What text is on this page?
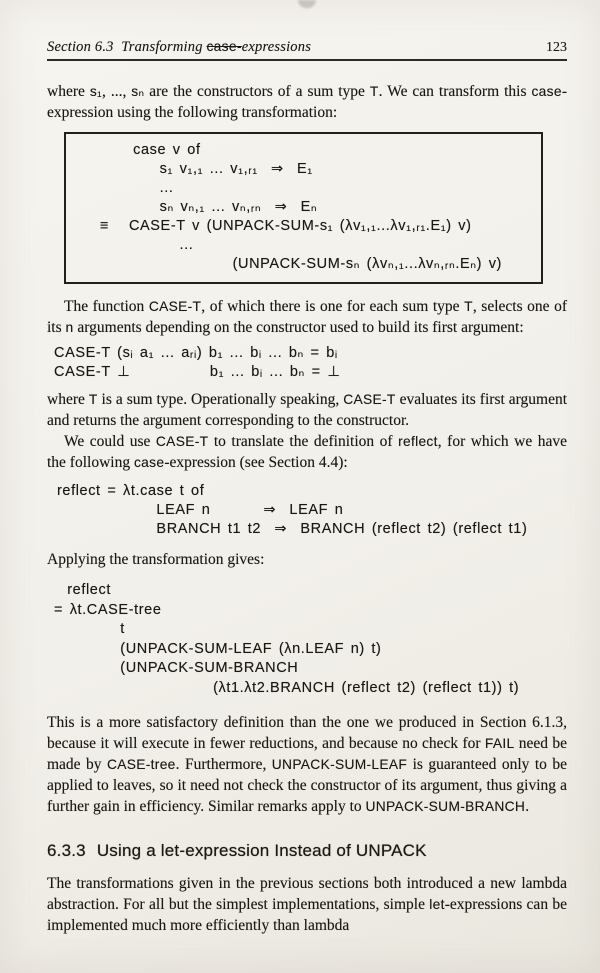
Section 6.3  Transforming case-expressions	123

where s₁, ..., sₙ are the constructors of a sum type T. We can transform this case-expression using the following transformation:

case v of
s₁ v₁,₁ ... v₁,ᵣ₁  ⇒  E₁
...
sₙ vₙ,₁ ... vₙ,ᵣₙ  ⇒  Eₙ
≡   CASE-T v (UNPACK-SUM-s₁ (λv₁,₁...λv₁,ᵣ₁.E₁) v)
...
(UNPACK-SUM-sₙ (λvₙ,₁...λvₙ,ᵣₙ.Eₙ) v)

The function CASE-T, of which there is one for each sum type T, selects one of its n arguments depending on the constructor used to build its first argument:

CASE-T (sᵢ a₁ ... aᵣᵢ) b₁ ... bᵢ ... bₙ = bᵢ
CASE-T ⊥            b₁ ... bᵢ ... bₙ = ⊥

where T is a sum type. Operationally speaking, CASE-T evaluates its first argument and returns the argument corresponding to the constructor.

We could use CASE-T to translate the definition of reflect, for which we have the following case-expression (see Section 4.4):

reflect = λt.case t of
LEAF n        ⇒  LEAF n
BRANCH t1 t2  ⇒  BRANCH (reflect t2) (reflect t1)

Applying the transformation gives:

reflect
= λt.CASE-tree
t
(UNPACK-SUM-LEAF (λn.LEAF n) t)
(UNPACK-SUM-BRANCH
(λt1.λt2.BRANCH (reflect t2) (reflect t1)) t)

This is a more satisfactory definition than the one we produced in Section 6.1.3, because it will execute in fewer reductions, and because no check for FAIL need be made by CASE-tree. Furthermore, UNPACK-SUM-LEAF is guaranteed only to be applied to leaves, so it need not check the constructor of its argument, thus giving a further gain in efficiency. Similar remarks apply to UNPACK-SUM-BRANCH.

6.3.3 Using a let-expression Instead of UNPACK

The transformations given in the previous sections both introduced a new lambda abstraction. For all but the simplest implementations, simple let-expressions can be implemented much more efficiently than lambda
